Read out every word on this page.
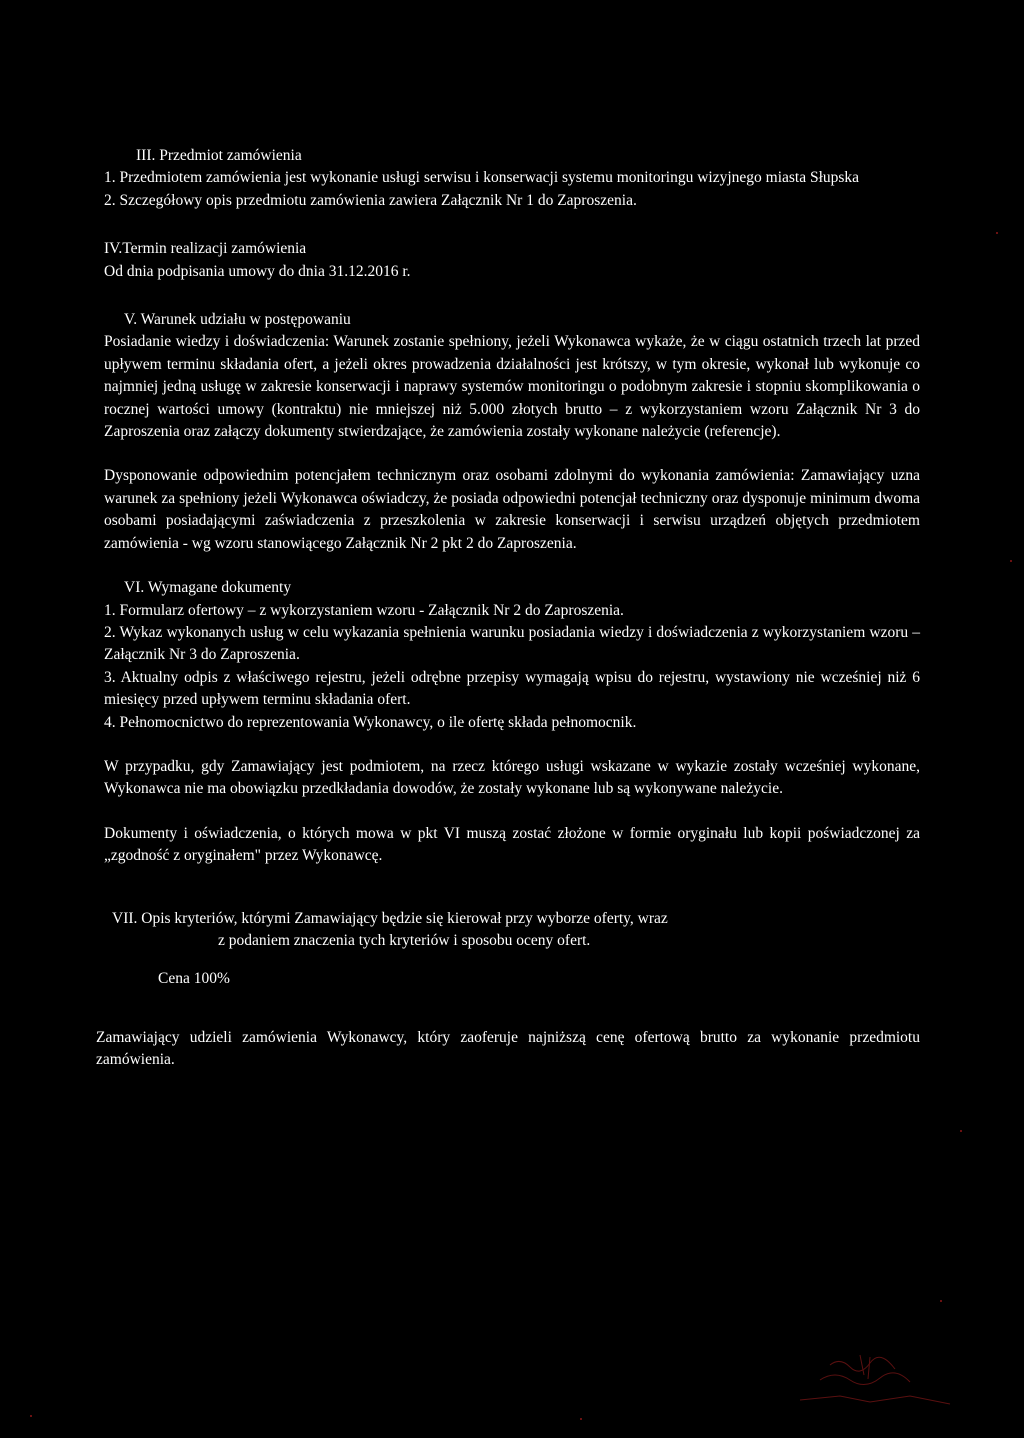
III. Przedmiot zamówienia

1. Przedmiotem zamówienia jest wykonanie usługi serwisu i konserwacji systemu monitoringu wizyjnego miasta Słupska

2. Szczegółowy opis przedmiotu zamówienia zawiera Załącznik Nr 1 do Zaproszenia.

IV.Termin realizacji zamówienia

Od dnia podpisania umowy do dnia 31.12.2016 r.

V. Warunek udziału w postępowaniu

Posiadanie wiedzy i doświadczenia: Warunek zostanie spełniony, jeżeli Wykonawca wykaże, że w ciągu ostatnich trzech lat przed upływem terminu składania ofert, a jeżeli okres prowadzenia działalności jest krótszy, w tym okresie, wykonał lub wykonuje co najmniej jedną usługę w zakresie konserwacji i naprawy systemów monitoringu o podobnym zakresie i stopniu skomplikowania o rocznej wartości umowy (kontraktu) nie mniejszej niż 5.000 złotych brutto – z wykorzystaniem wzoru Załącznik Nr 3 do Zaproszenia oraz załączy dokumenty stwierdzające, że zamówienia zostały wykonane należycie (referencje).

Dysponowanie odpowiednim potencjałem technicznym oraz osobami zdolnymi do wykonania zamówienia: Zamawiający uzna warunek za spełniony jeżeli Wykonawca oświadczy, że posiada odpowiedni potencjał techniczny oraz dysponuje minimum dwoma osobami posiadającymi zaświadczenia z przeszkolenia w zakresie konserwacji i serwisu urządzeń objętych przedmiotem zamówienia - wg wzoru stanowiącego Załącznik Nr 2 pkt 2 do Zaproszenia.

VI. Wymagane dokumenty

1. Formularz ofertowy – z wykorzystaniem wzoru - Załącznik Nr 2 do Zaproszenia.

2. Wykaz wykonanych usług w celu wykazania spełnienia warunku posiadania wiedzy i doświadczenia z wykorzystaniem wzoru – Załącznik Nr 3 do Zaproszenia.

3. Aktualny odpis z właściwego rejestru, jeżeli odrębne przepisy wymagają wpisu do rejestru, wystawiony nie wcześniej niż 6 miesięcy przed upływem terminu składania ofert.

4. Pełnomocnictwo do reprezentowania Wykonawcy, o ile ofertę składa pełnomocnik.

W przypadku, gdy Zamawiający jest podmiotem, na rzecz którego usługi wskazane w wykazie zostały wcześniej wykonane, Wykonawca nie ma obowiązku przedkładania dowodów, że zostały wykonane lub są wykonywane należycie.

Dokumenty i oświadczenia, o których mowa w pkt VI muszą zostać złożone w formie oryginału lub kopii poświadczonej za „zgodność z oryginałem" przez Wykonawcę.

VII. Opis kryteriów, którymi Zamawiający będzie się kierował przy wyborze oferty, wraz
z podaniem znaczenia tych kryteriów i sposobu oceny ofert.

Cena 100%

Zamawiający udzieli zamówienia Wykonawcy, który zaoferuje najniższą cenę ofertową brutto za wykonanie przedmiotu zamówienia.
